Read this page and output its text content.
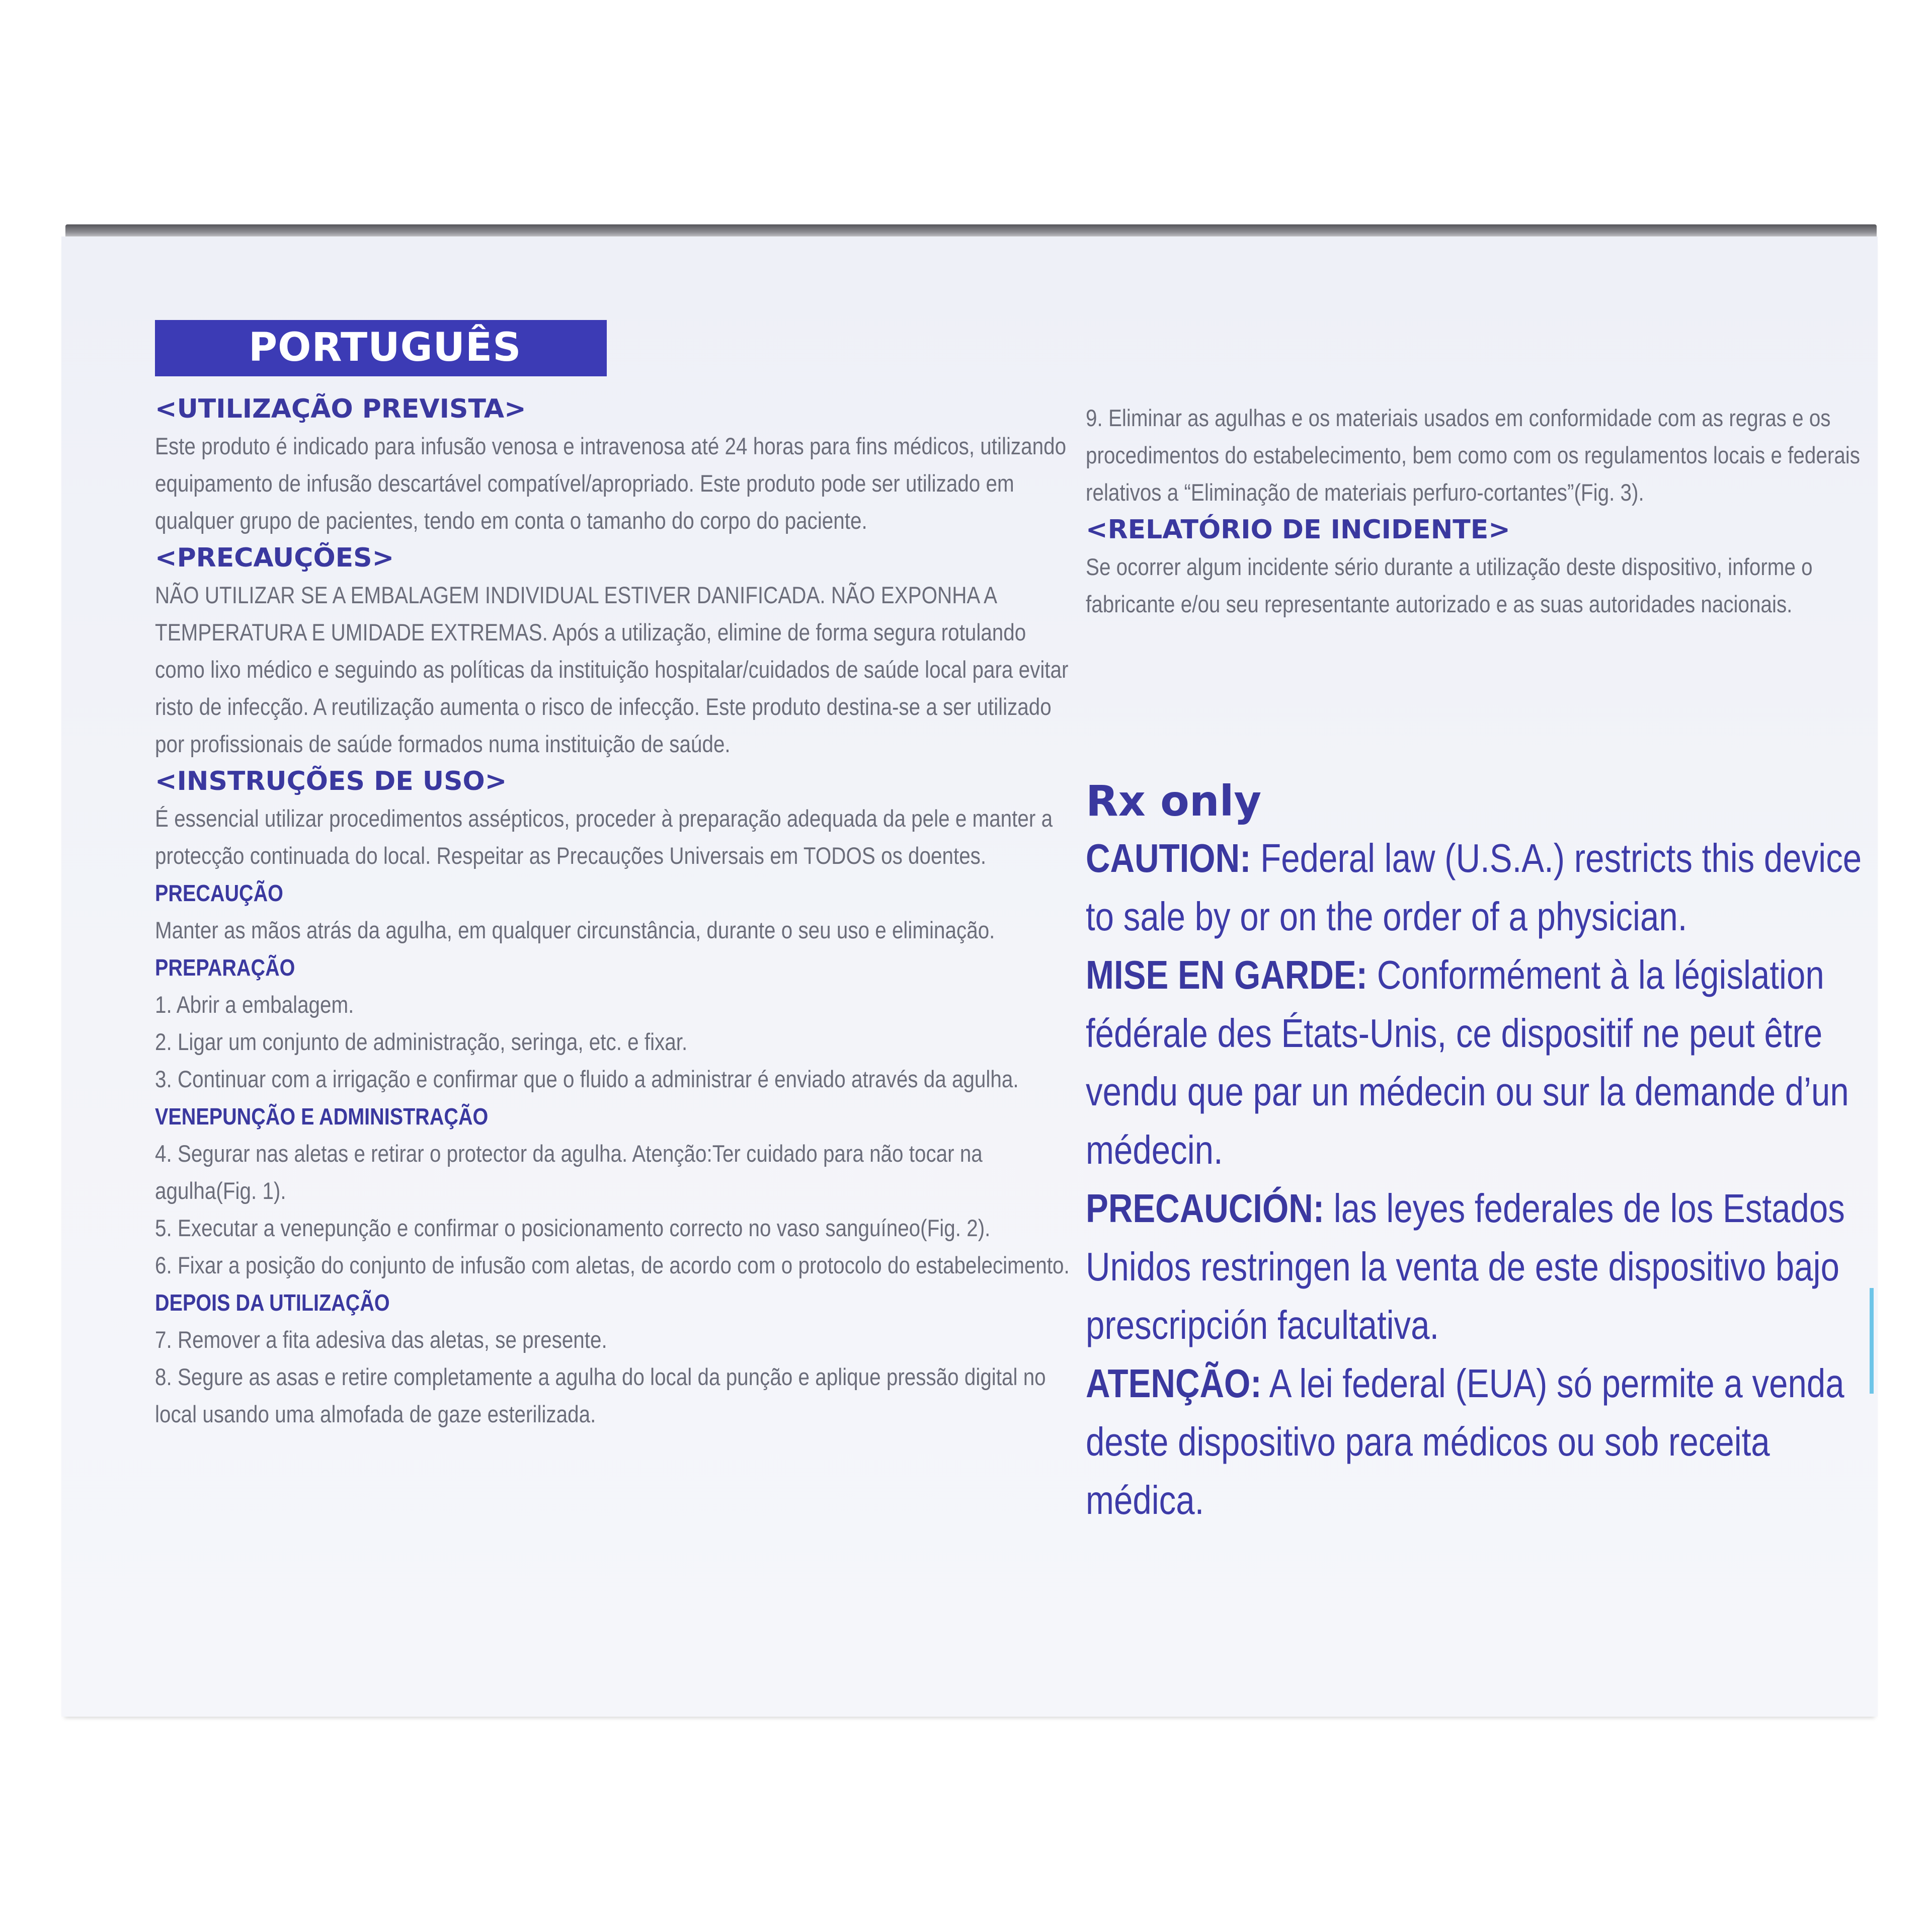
PORTUGUÊS
<UTILIZAÇÃO PREVISTA>
Este produto é indicado para infusão venosa e intravenosa até 24 horas para fins médicos, utilizando equipamento de infusão descartável compatível/apropriado. Este produto pode ser utilizado em qualquer grupo de pacientes, tendo em conta o tamanho do corpo do paciente.
<PRECAUÇÕES>
NÃO UTILIZAR SE A EMBALAGEM INDIVIDUAL ESTIVER DANIFICADA. NÃO EXPONHA A TEMPERATURA E UMIDADE EXTREMAS. Após a utilização, elimine de forma segura rotulando como lixo médico e seguindo as políticas da instituição hospitalar/cuidados de saúde local para evitar risto de infecção. A reutilização aumenta o risco de infecção. Este produto destina-se a ser utilizado por profissionais de saúde formados numa instituição de saúde.
<INSTRUÇÕES DE USO>
É essencial utilizar procedimentos assépticos, proceder à preparação adequada da pele e manter a protecção continuada do local. Respeitar as Precauções Universais em TODOS os doentes.
PRECAUÇÃO
Manter as mãos atrás da agulha, em qualquer circunstância, durante o seu uso e eliminação.
PREPARAÇÃO
1. Abrir a embalagem.
2. Ligar um conjunto de administração, seringa, etc. e fixar.
3. Continuar com a irrigação e confirmar que o fluido a administrar é enviado através da agulha.
VENEPUNÇÃO E ADMINISTRAÇÃO
4. Segurar nas aletas e retirar o protector da agulha. Atenção:Ter cuidado para não tocar na agulha(Fig. 1).
5. Executar a venepunção e confirmar o posicionamento correcto no vaso sanguíneo(Fig. 2).
6. Fixar a posição do conjunto de infusão com aletas, de acordo com o protocolo do estabelecimento.
DEPOIS DA UTILIZAÇÃO
7. Remover a fita adesiva das aletas, se presente.
8. Segure as asas e retire completamente a agulha do local da punção e aplique pressão digital no local usando uma almofada de gaze esterilizada.
9. Eliminar as agulhas e os materiais usados em conformidade com as regras e os procedimentos do estabelecimento, bem como com os regulamentos locais e federais relativos a “Eliminação de materiais perfuro-cortantes”(Fig. 3).
<RELATÓRIO DE INCIDENTE>
Se ocorrer algum incidente sério durante a utilização deste dispositivo, informe o fabricante e/ou seu representante autorizado e as suas autoridades nacionais.
Rx only

CAUTION: Federal law (U.S.A.) restricts this device to sale by or on the order of a physician.

MISE EN GARDE: Conformément à la législation fédérale des États-Unis, ce dispositif ne peut être vendu que par un médecin ou sur la demande d’un médecin.

PRECAUCIÓN: las leyes federales de los Estados Unidos restringen la venta de este dispositivo bajo prescripción facultativa.

ATENÇÃO: A lei federal (EUA) só permite a venda deste dispositivo para médicos ou sob receita médica.
